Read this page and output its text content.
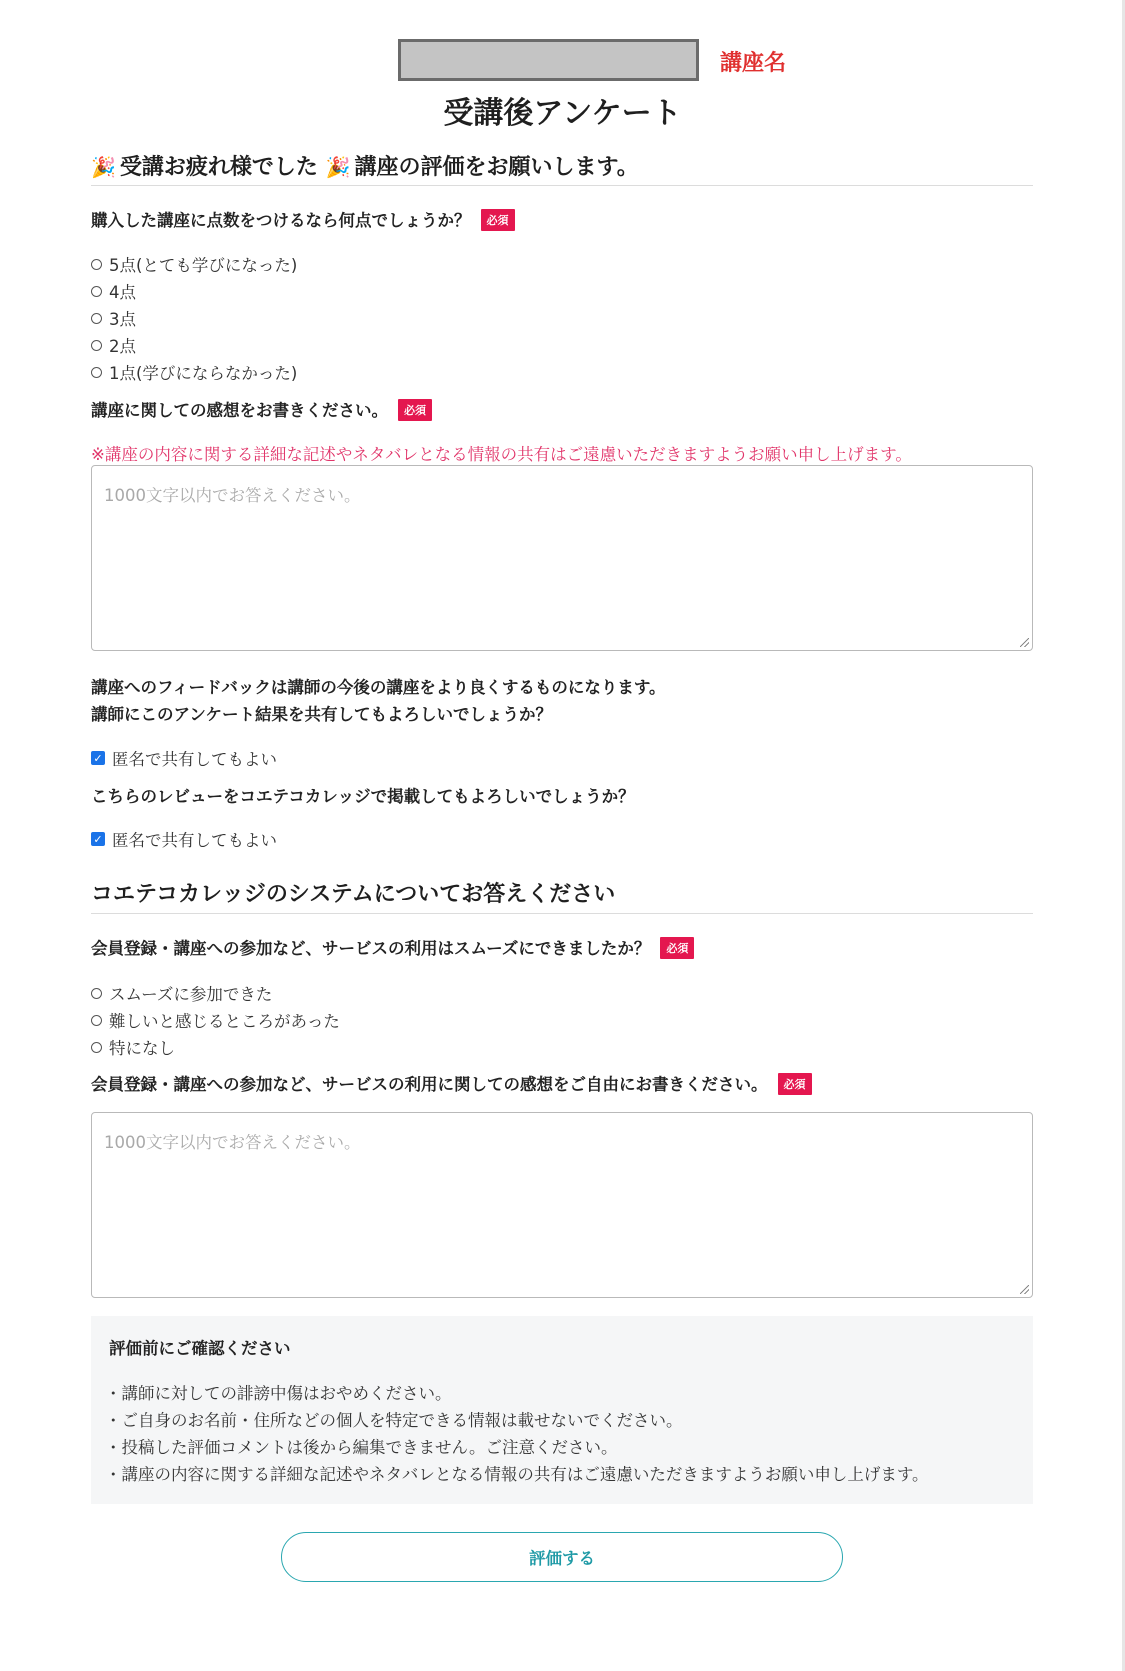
講座名
受講後アンケート
🎉 受講お疲れ様でした 🎉 講座の評価をお願いします。
購入した講座に点数をつけるなら何点でしょうか？ 必須
5点(とても学びになった)
4点
3点
2点
1点(学びにならなかった)
講座に関しての感想をお書きください。 必須
※講座の内容に関する詳細な記述やネタバレとなる情報の共有はご遠慮いただきますようお願い申し上げます。
1000文字以内でお答えください。
講座へのフィードバックは講師の今後の講座をより良くするものになります。
講師にこのアンケート結果を共有してもよろしいでしょうか？
✓ 匿名で共有してもよい
こちらのレビューをコエテコカレッジで掲載してもよろしいでしょうか？
✓ 匿名で共有してもよい
コエテコカレッジのシステムについてお答えください
会員登録・講座への参加など、サービスの利用はスムーズにできましたか？ 必須
スムーズに参加できた
難しいと感じるところがあった
特になし
会員登録・講座への参加など、サービスの利用に関しての感想をご自由にお書きください。 必須
1000文字以内でお答えください。
評価前にご確認ください
・講師に対しての誹謗中傷はおやめください。
・ご自身のお名前・住所などの個人を特定できる情報は載せないでください。
・投稿した評価コメントは後から編集できません。ご注意ください。
・講座の内容に関する詳細な記述やネタバレとなる情報の共有はご遠慮いただきますようお願い申し上げます。
評価する
